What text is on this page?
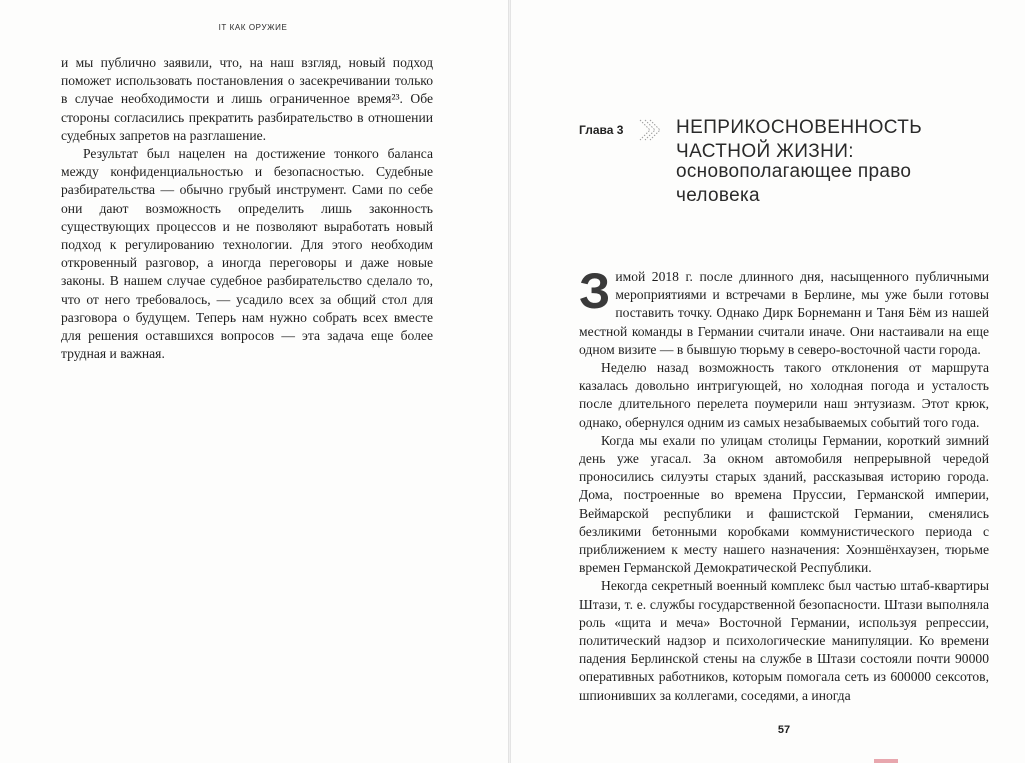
IT КАК ОРУЖИЕ

и мы публично заявили, что, на наш взгляд, новый подход поможет использовать постановления о засекречивании только в случае необходимости и лишь ограниченное время²³. Обе стороны согласились прекратить разбирательство в отношении судебных запретов на разглашение.

Результат был нацелен на достижение тонкого баланса между конфиденциальностью и безопасностью. Судебные разбирательства — обычно грубый инструмент. Сами по себе они дают возможность определить лишь законность существующих процессов и не позволяют выработать новый подход к регулированию технологии. Для этого необходим откровенный разговор, а иногда переговоры и даже новые законы. В нашем случае судебное разбирательство сделало то, что от него требовалось, — усадило всех за общий стол для разговора о будущем. Теперь нам нужно собрать всех вместе для решения оставшихся вопросов — эта задача еще более трудная и важная.

Глава 3	НЕПРИКОСНОВЕННОСТЬ ЧАСТНОЙ ЖИЗНИ:
основополагающее право человека

Зимой 2018 г. после длинного дня, насыщенного публичными мероприятиями и встречами в Берлине, мы уже были готовы поставить точку. Однако Дирк Борнеманн и Таня Бём из нашей местной команды в Германии считали иначе. Они настаивали на еще одном визите — в бывшую тюрьму в северо-восточной части города.

Неделю назад возможность такого отклонения от маршрута казалась довольно интригующей, но холодная погода и усталость после длительного перелета поумерили наш энтузиазм. Этот крюк, однако, обернулся одним из самых незабываемых событий того года.

Когда мы ехали по улицам столицы Германии, короткий зимний день уже угасал. За окном автомобиля непрерывной чередой проносились силуэты старых зданий, рассказывая историю города. Дома, построенные во времена Пруссии, Германской империи, Веймарской республики и фашистской Германии, сменялись безликими бетонными коробками коммунистического периода с приближением к месту нашего назначения: Хоэншёнхаузен, тюрьме времен Германской Демократической Республики.

Некогда секретный военный комплекс был частью штаб-квартиры Штази, т. е. службы государственной безопасности. Штази выполняла роль «щита и меча» Восточной Германии, используя репрессии, политический надзор и психологические манипуляции. Ко времени падения Берлинской стены на службе в Штази состояли почти 90000 оперативных работников, которым помогала сеть из 600000 сексотов, шпионивших за коллегами, соседями, а иногда

57
